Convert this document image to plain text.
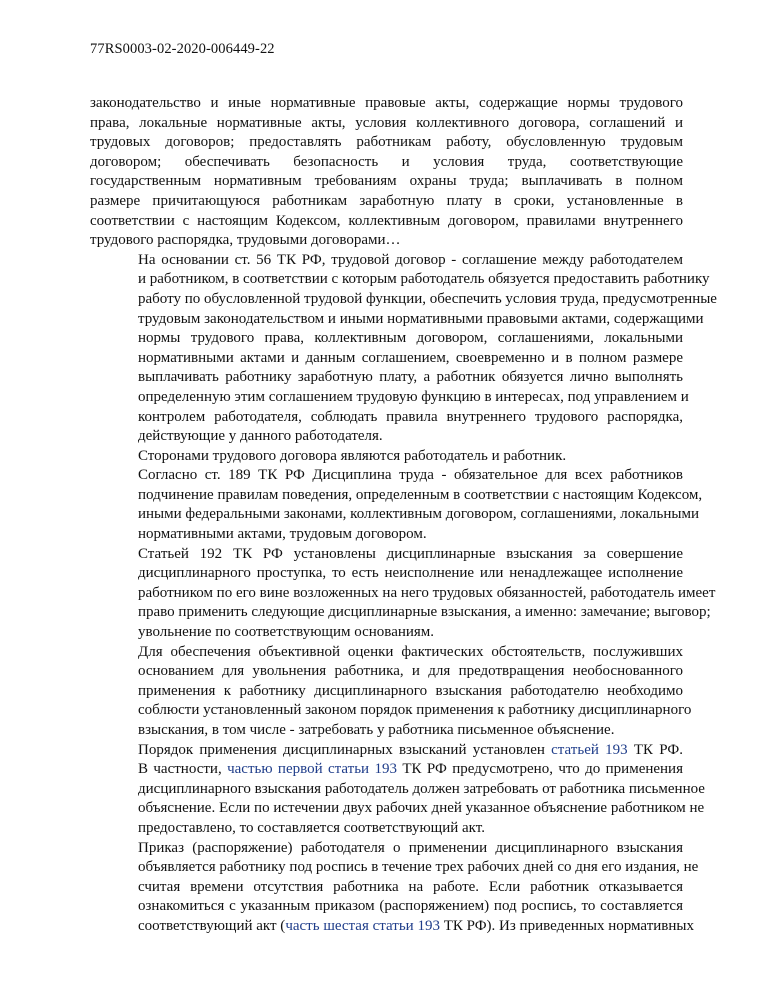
77RS0003-02-2020-006449-22

законодательство и иные нормативные правовые акты, содержащие нормы трудового
права, локальные нормативные акты, условия коллективного договора, соглашений и
трудовых договоров; предоставлять работникам работу, обусловленную трудовым
договором; обеспечивать безопасность и условия труда, соответствующие
государственным нормативным требованиям охраны труда; выплачивать в полном
размере причитающуюся работникам заработную плату в сроки, установленные в
соответствии с настоящим Кодексом, коллективным договором, правилами внутреннего
трудового распорядка, трудовыми договорами…

На основании ст. 56 ТК РФ, трудовой договор - соглашение между работодателем
и работником, в соответствии с которым работодатель обязуется предоставить работнику
работу по обусловленной трудовой функции, обеспечить условия труда, предусмотренные
трудовым законодательством и иными нормативными правовыми актами, содержащими
нормы трудового права, коллективным договором, соглашениями, локальными
нормативными актами и данным соглашением, своевременно и в полном размере
выплачивать работнику заработную плату, а работник обязуется лично выполнять
определенную этим соглашением трудовую функцию в интересах, под управлением и
контролем работодателя, соблюдать правила внутреннего трудового распорядка,
действующие у данного работодателя.

Сторонами трудового договора являются работодатель и работник.

Согласно ст. 189 ТК РФ Дисциплина труда - обязательное для всех работников
подчинение правилам поведения, определенным в соответствии с настоящим Кодексом,
иными федеральными законами, коллективным договором, соглашениями, локальными
нормативными актами, трудовым договором.

Статьей 192 ТК РФ установлены дисциплинарные взыскания за совершение
дисциплинарного проступка, то есть неисполнение или ненадлежащее исполнение
работником по его вине возложенных на него трудовых обязанностей, работодатель имеет
право применить следующие дисциплинарные взыскания, а именно: замечание; выговор;
увольнение по соответствующим основаниям.

Для обеспечения объективной оценки фактических обстоятельств, послуживших
основанием для увольнения работника, и для предотвращения необоснованного
применения к работнику дисциплинарного взыскания работодателю необходимо
соблюсти установленный законом порядок применения к работнику дисциплинарного
взыскания, в том числе - затребовать у работника письменное объяснение.

Порядок применения дисциплинарных взысканий установлен статьей 193 ТК РФ.
В частности, частью первой статьи 193 ТК РФ предусмотрено, что до применения
дисциплинарного взыскания работодатель должен затребовать от работника письменное
объяснение. Если по истечении двух рабочих дней указанное объяснение работником не
предоставлено, то составляется соответствующий акт.

Приказ (распоряжение) работодателя о применении дисциплинарного взыскания
объявляется работнику под роспись в течение трех рабочих дней со дня его издания, не
считая времени отсутствия работника на работе. Если работник отказывается
ознакомиться с указанным приказом (распоряжением) под роспись, то составляется
соответствующий акт (часть шестая статьи 193 ТК РФ). Из приведенных нормативных
